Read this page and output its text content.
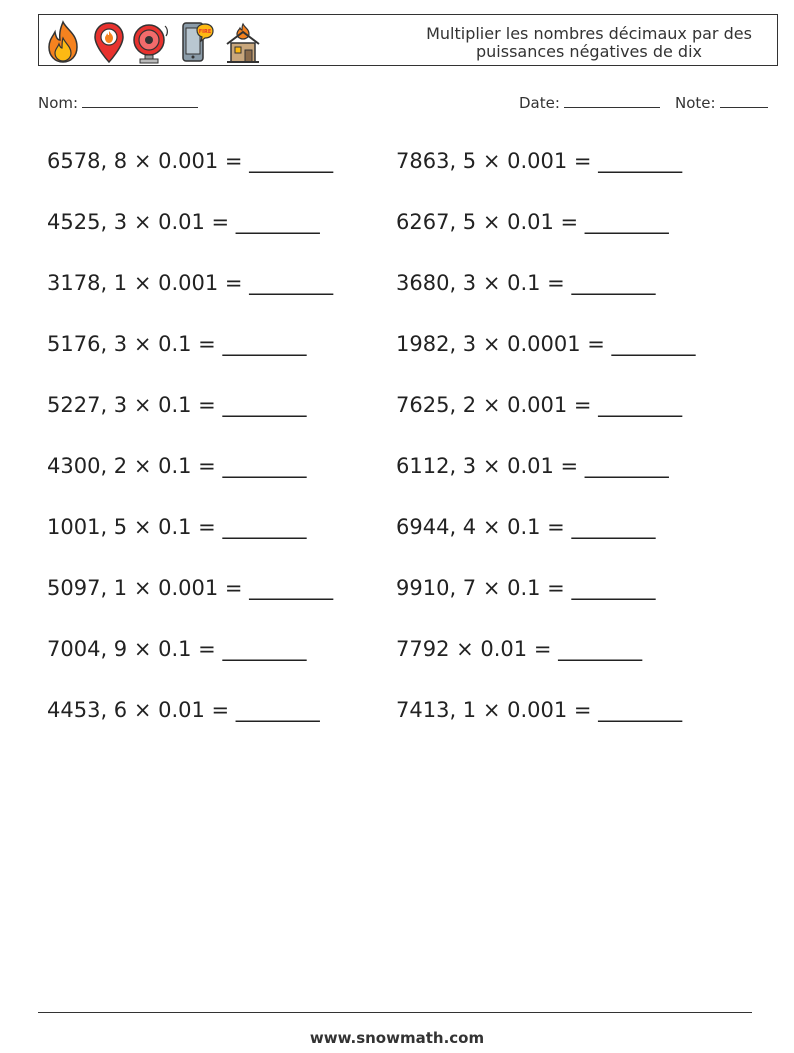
FIRE	Multiplier les nombres décimaux par des
puissances négatives de dix
Nom:	Date:	Note:
6578, 8 × 0.001 = ________
4525, 3 × 0.01 = ________
3178, 1 × 0.001 = ________
5176, 3 × 0.1 = ________
5227, 3 × 0.1 = ________
4300, 2 × 0.1 = ________
1001, 5 × 0.1 = ________
5097, 1 × 0.001 = ________
7004, 9 × 0.1 = ________
4453, 6 × 0.01 = ________
7863, 5 × 0.001 = ________
6267, 5 × 0.01 = ________
3680, 3 × 0.1 = ________
1982, 3 × 0.0001 = ________
7625, 2 × 0.001 = ________
6112, 3 × 0.01 = ________
6944, 4 × 0.1 = ________
9910, 7 × 0.1 = ________
7792 × 0.01 = ________
7413, 1 × 0.001 = ________
www.snowmath.com
